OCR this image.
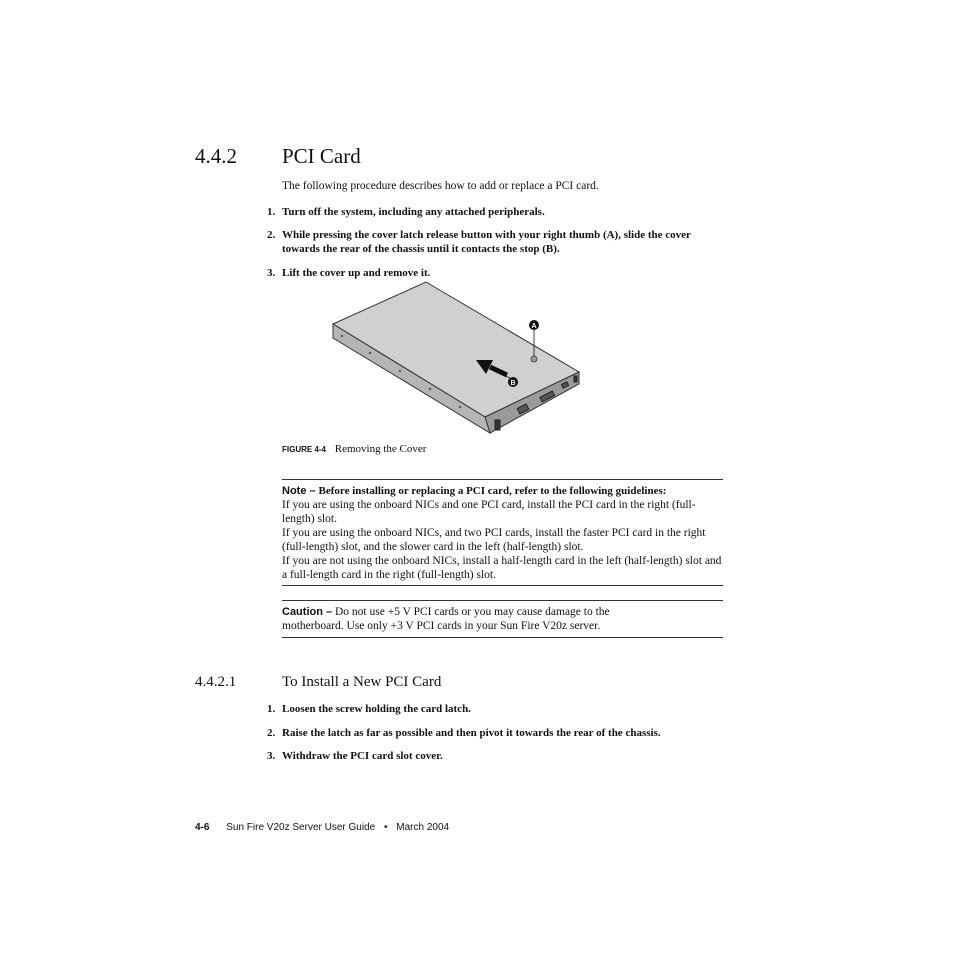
4.4.2 PCI Card
The following procedure describes how to add or replace a PCI card.
1. Turn off the system, including any attached peripherals.
2. While pressing the cover latch release button with your right thumb (A), slide the cover towards the rear of the chassis until it contacts the stop (B).
3. Lift the cover up and remove it.
A
B
FIGURE 4-4 Removing the Cover
Note – Before installing or replacing a PCI card, refer to the following guidelines:
If you are using the onboard NICs and one PCI card, install the PCI card in the right (full-length) slot.
If you are using the onboard NICs, and two PCI cards, install the faster PCI card in the right (full-length) slot, and the slower card in the left (half-length) slot.
If you are not using the onboard NICs, install a half-length card in the left (half-length) slot and a full-length card in the right (full-length) slot.
Caution – Do not use +5 V PCI cards or you may cause damage to the motherboard. Use only +3 V PCI cards in your Sun Fire V20z server.
4.4.2.1	To Install a New PCI Card
1. Loosen the screw holding the card latch.
2. Raise the latch as far as possible and then pivot it towards the rear of the chassis.
3. Withdraw the PCI card slot cover.
4-6 Sun Fire V20z Server User Guide • March 2004
